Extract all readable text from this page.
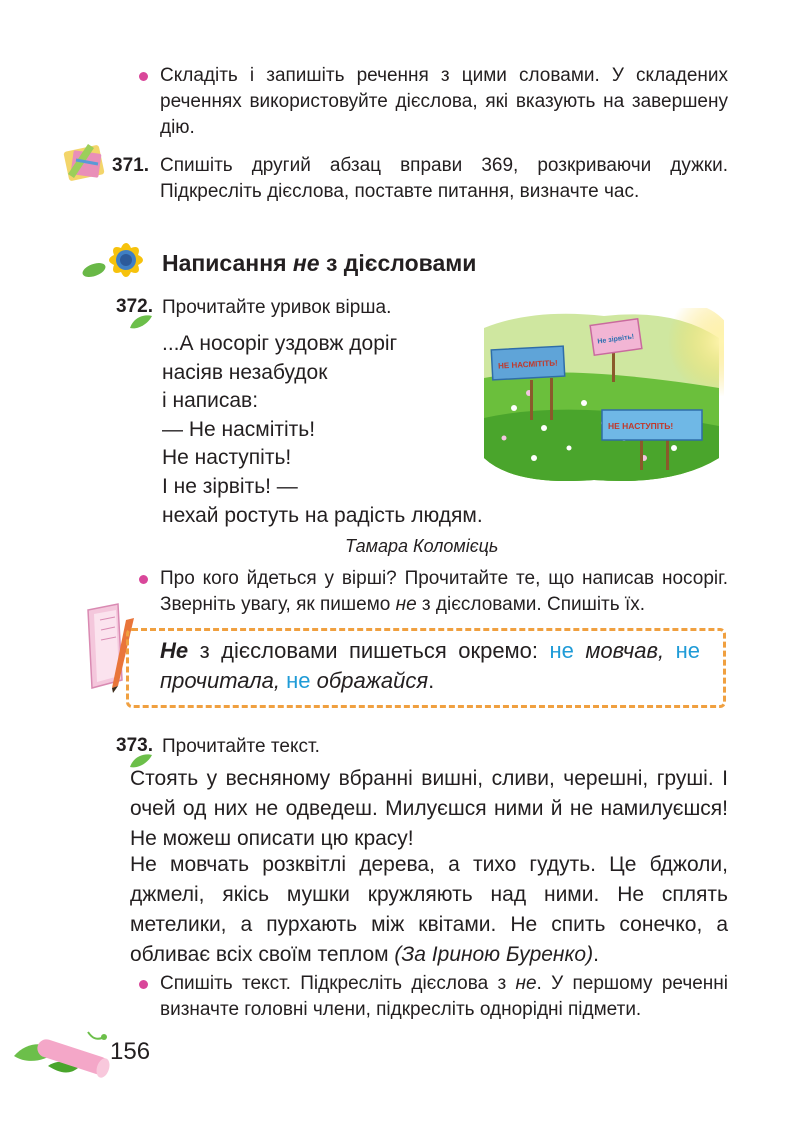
Складіть і запишіть речення з цими словами. У складених реченнях використовуйте дієслова, які вказують на завершену дію.
371. Спишіть другий абзац вправи 369, розкриваючи дужки. Підкресліть дієслова, поставте питання, визначте час.
Написання не з дієсловами
372. Прочитайте уривок вірша.
...А носоріг уздовж доріг
насіяв незабудок
і написав:
— Не насмітіть!
Не наступіть!
І не зірвіть! —
нехай ростуть на радість людям.
НЕ НАСМІТІТЬ!
Не зірвіть!
НЕ НАСТУПІТЬ!
Тамара Коломієць
Про кого йдеться у вірші? Прочитайте те, що написав носоріг. Зверніть увагу, як пишемо не з дієсловами. Спишіть їх.
Не з дієсловами пишеться окремо: не мовчав, не прочитала, не ображайся.
373. Прочитайте текст.
Стоять у весняному вбранні вишні, сливи, черешні, груші. І очей од них не одведеш. Милуєшся ними й не намилуєшся! Не можеш описати цю красу!
Не мовчать розквітлі дерева, а тихо гудуть. Це бджоли, джмелі, якісь мушки кружляють над ними. Не сплять метелики, а пурхають між квітами. Не спить сонечко, а обливає всіх своїм теплом (За Іриною Буренко).
Спишіть текст. Підкресліть дієслова з не. У першому реченні визначте головні члени, підкресліть однорідні підмети.
156
